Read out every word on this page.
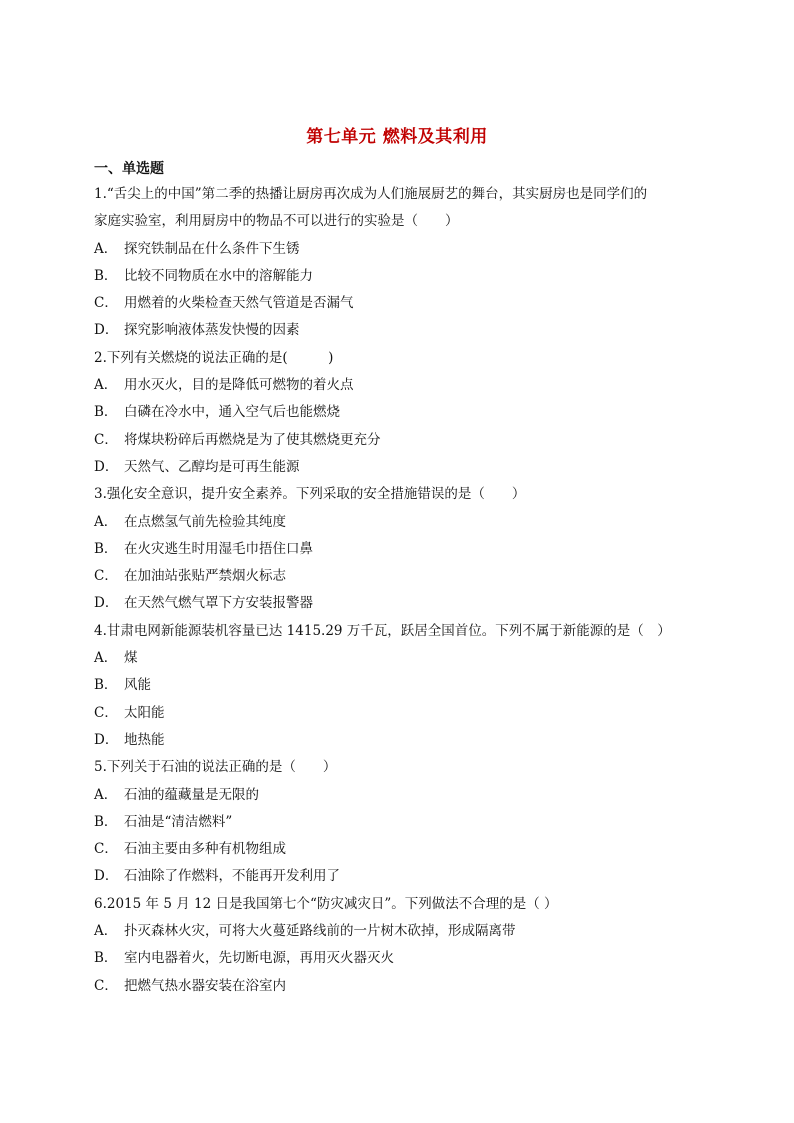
第七单元 燃料及其利用
一、单选题
1.“舌尖上的中国”第二季的热播让厨房再次成为人们施展厨艺的舞台，其实厨房也是同学们的
家庭实验室，利用厨房中的物品不可以进行的实验是（　　）
A． 探究铁制品在什么条件下生锈
B． 比较不同物质在水中的溶解能力
C． 用燃着的火柴检查天然气管道是否漏气
D． 探究影响液体蒸发快慢的因素
2.下列有关燃烧的说法正确的是(　　　)
A． 用水灭火，目的是降低可燃物的着火点
B． 白磷在冷水中，通入空气后也能燃烧
C． 将煤块粉碎后再燃烧是为了使其燃烧更充分
D． 天然气、乙醇均是可再生能源
3.强化安全意识，提升安全素养。下列采取的安全措施错误的是（　　）
A． 在点燃氢气前先检验其纯度
B． 在火灾逃生时用湿毛巾捂住口鼻
C． 在加油站张贴严禁烟火标志
D． 在天然气燃气罩下方安装报警器
4.甘肃电网新能源装机容量已达 1415.29 万千瓦，跃居全国首位。下列不属于新能源的是（　）
A． 煤
B． 风能
C． 太阳能
D． 地热能
5.下列关于石油的说法正确的是（　　）
A． 石油的蕴藏量是无限的
B． 石油是“清洁燃料”
C． 石油主要由多种有机物组成
D． 石油除了作燃料，不能再开发利用了
6.2015 年 5 月 12 日是我国第七个“防灾减灾日”。下列做法不合理的是（ ）
A． 扑灭森林火灾，可将大火蔓延路线前的一片树木砍掉，形成隔离带
B． 室内电器着火，先切断电源，再用灭火器灭火
C． 把燃气热水器安装在浴室内
